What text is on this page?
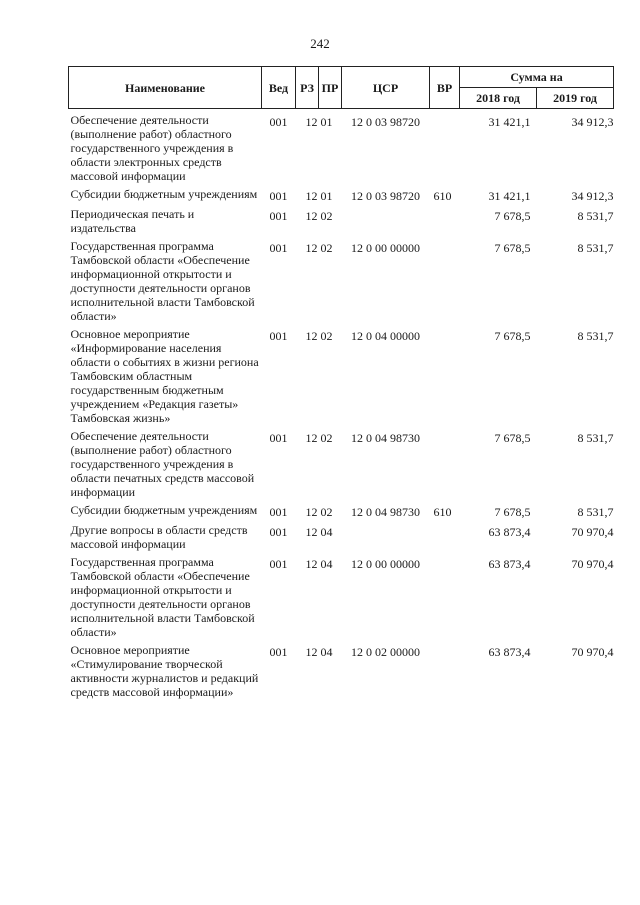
242
Наименование	Вед	РЗ	ПР	ЦСР	ВР	Сумма на	
						2018 год	2019 год
Обеспечение деятельности (выполнение работ) областного государственного учреждения в области электронных средств массовой информации	001	12	01	12 0 03 98720		31 421,1	34 912,3
Субсидии бюджетным учреждениям	001	12	01	12 0 03 98720	610	31 421,1	34 912,3
Периодическая печать и издательства	001	12	02			7 678,5	8 531,7
Государственная программа Тамбовской области «Обеспечение информационной открытости и доступности деятельности органов исполнительной власти Тамбовской области»	001	12	02	12 0 00 00000		7 678,5	8 531,7
Основное мероприятие «Информирование населения области о событиях в жизни региона Тамбовским областным государственным бюджетным учреждением «Редакция газеты» Тамбовская жизнь»	001	12	02	12 0 04 00000		7 678,5	8 531,7
Обеспечение деятельности (выполнение работ) областного государственного учреждения в области печатных средств массовой информации	001	12	02	12 0 04 98730		7 678,5	8 531,7
Субсидии бюджетным учреждениям	001	12	02	12 0 04 98730	610	7 678,5	8 531,7
Другие вопросы в области средств массовой информации	001	12	04			63 873,4	70 970,4
Государственная программа Тамбовской области «Обеспечение информационной открытости и доступности деятельности органов исполнительной власти Тамбовской области»	001	12	04	12 0 00 00000		63 873,4	70 970,4
Основное мероприятие «Стимулирование творческой активности журналистов и редакций средств массовой информации»	001	12	04	12 0 02 00000		63 873,4	70 970,4
